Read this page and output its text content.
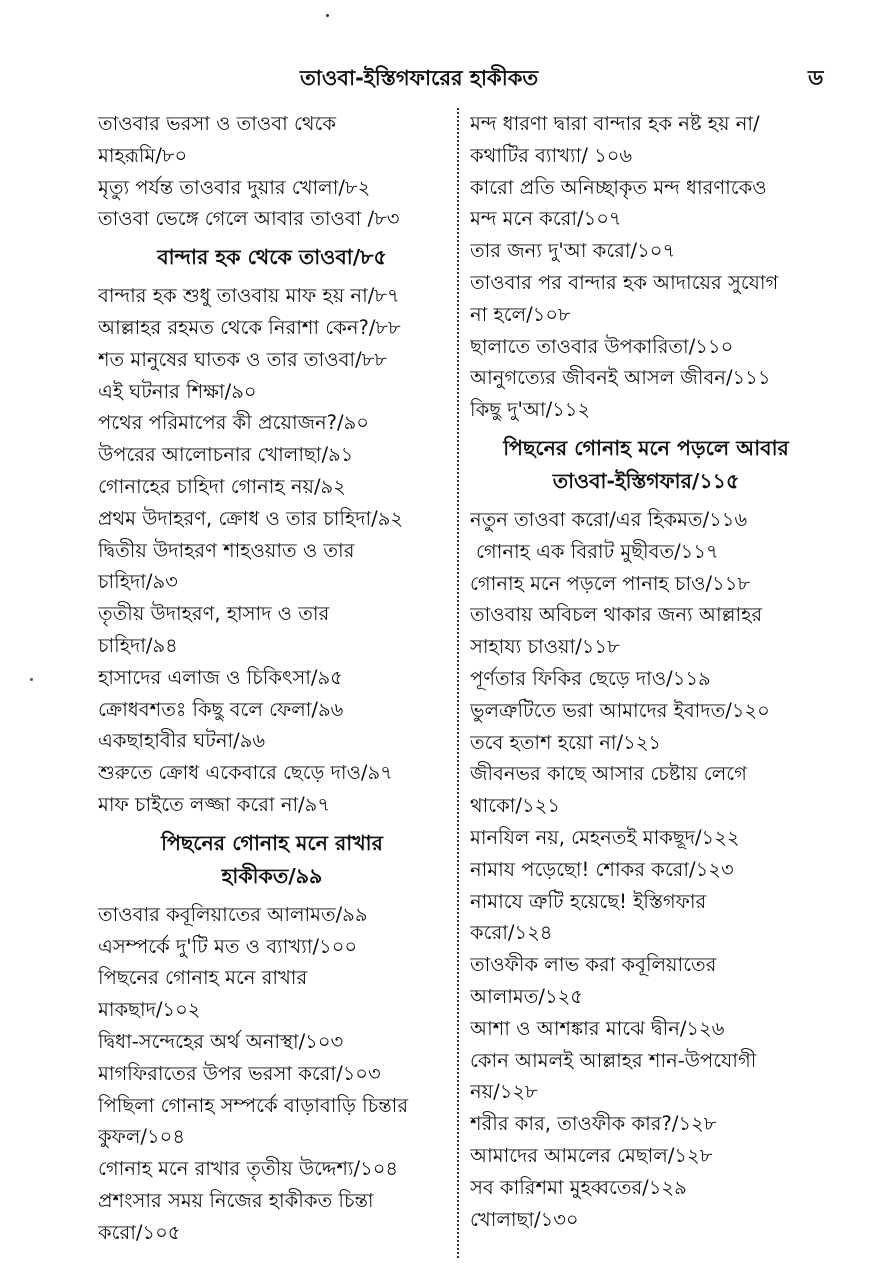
তাওবা-ইস্তিগফারের হাকীকত	ড
তাওবার ভরসা ও তাওবা থেকে
মাহরূমি/৮০
মৃত্যু পর্যন্ত তাওবার দুয়ার খোলা/৮২
তাওবা ভেঙ্গে গেলে আবার তাওবা /৮৩
বান্দার হক থেকে তাওবা/৮৫
বান্দার হক শুধু তাওবায় মাফ হয় না/৮৭
আল্লাহর রহমত থেকে নিরাশা কেন?/৮৮
শত মানুষের ঘাতক ও তার তাওবা/৮৮
এই ঘটনার শিক্ষা/৯০
পথের পরিমাপের কী প্রয়োজন?/৯০
উপরের আলোচনার খোলাছা/৯১
গোনাহের চাহিদা গোনাহ নয়/৯২
প্রথম উদাহরণ, ক্রোধ ও তার চাহিদা/৯২
দ্বিতীয় উদাহরণ শাহওয়াত ও তার
চাহিদা/৯৩
তৃতীয় উদাহরণ, হাসাদ ও তার
চাহিদা/৯৪
হাসাদের এলাজ ও চিকিৎসা/৯৫
ক্রোধবশতঃ কিছু বলে ফেলা/৯৬
একছাহাবীর ঘটনা/৯৬
শুরুতে ক্রোধ একেবারে ছেড়ে দাও/৯৭
মাফ চাইতে লজ্জা করো না/৯৭
পিছনের গোনাহ মনে রাখার
হাকীকত/৯৯
তাওবার কবূলিয়াতের আলামত/৯৯
এসম্পর্কে দু'টি মত ও ব্যাখ্যা/১০০
পিছনের গোনাহ মনে রাখার
মাকছাদ/১০২
দ্বিধা-সন্দেহের অর্থ অনাস্থা/১০৩
মাগফিরাতের উপর ভরসা করো/১০৩
পিছিলা গোনাহ সম্পর্কে বাড়াবাড়ি চিন্তার
কুফল/১০৪
গোনাহ মনে রাখার তৃতীয় উদ্দেশ্য/১০৪
প্রশংসার সময় নিজের হাকীকত চিন্তা
করো/১০৫
মন্দ ধারণা দ্বারা বান্দার হক নষ্ট হয় না/
কথাটির ব্যাখ্যা/ ১০৬
কারো প্রতি অনিচ্ছাকৃত মন্দ ধারণাকেও
মন্দ মনে করো/১০৭
তার জন্য দু'আ করো/১০৭
তাওবার পর বান্দার হক আদায়ের সুযোগ
না হলে/১০৮
ছালাতে তাওবার উপকারিতা/১১০
আনুগত্যের জীবনই আসল জীবন/১১১
কিছু দু'আ/১১২
পিছনের গোনাহ মনে পড়লে আবার
তাওবা-ইস্তিগফার/১১৫
নতুন তাওবা করো/এর হিকমত/১১৬
গোনাহ এক বিরাট মুছীবত/১১৭
গোনাহ মনে পড়লে পানাহ চাও/১১৮
তাওবায় অবিচল থাকার জন্য আল্লাহর
সাহায্য চাওয়া/১১৮
পূর্ণতার ফিকির ছেড়ে দাও/১১৯
ভুলত্রুটিতে ভরা আমাদের ইবাদত/১২০
তবে হতাশ হয়ো না/১২১
জীবনভর কাছে আসার চেষ্টায় লেগে
থাকো/১২১
মানযিল নয়, মেহনতই মাকছূদ/১২২
নামায পড়েছো! শোকর করো/১২৩
নামাযে ত্রুটি হয়েছে! ইস্তিগফার
করো/১২৪
তাওফীক লাভ করা কবূলিয়াতের
আলামত/১২৫
আশা ও আশঙ্কার মাঝে দ্বীন/১২৬
কোন আমলই আল্লাহর শান-উপযোগী
নয়/১২৮
শরীর কার, তাওফীক কার?/১২৮
আমাদের আমলের মেছাল/১২৮
সব কারিশমা মুহব্বতের/১২৯
খোলাছা/১৩০
